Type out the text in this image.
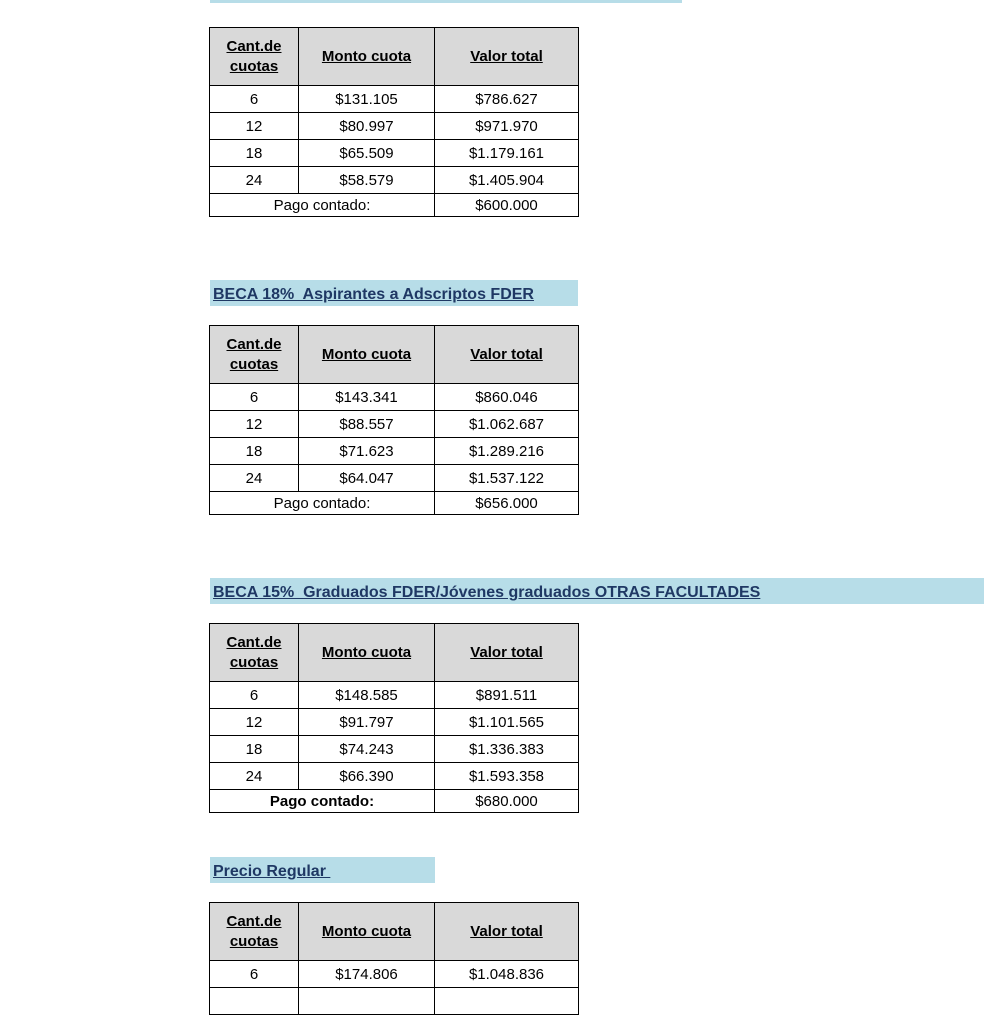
Cant.de
cuotas	Monto cuota	Valor total
6	$131.105	$786.627
12	$80.997	$971.970
18	$65.509	$1.179.161
24	$58.579	$1.405.904
Pago contado:		$600.000
BECA 18%  Aspirantes a Adscriptos FDER
Cant.de
cuotas	Monto cuota	Valor total
6	$143.341	$860.046
12	$88.557	$1.062.687
18	$71.623	$1.289.216
24	$64.047	$1.537.122
Pago contado:		$656.000
BECA 15%  Graduados FDER/Jóvenes graduados OTRAS FACULTADES
Cant.de
cuotas	Monto cuota	Valor total
6	$148.585	$891.511
12	$91.797	$1.101.565
18	$74.243	$1.336.383
24	$66.390	$1.593.358
Pago contado:		$680.000
Precio Regular
Cant.de
cuotas	Monto cuota	Valor total
6	$174.806	$1.048.836
